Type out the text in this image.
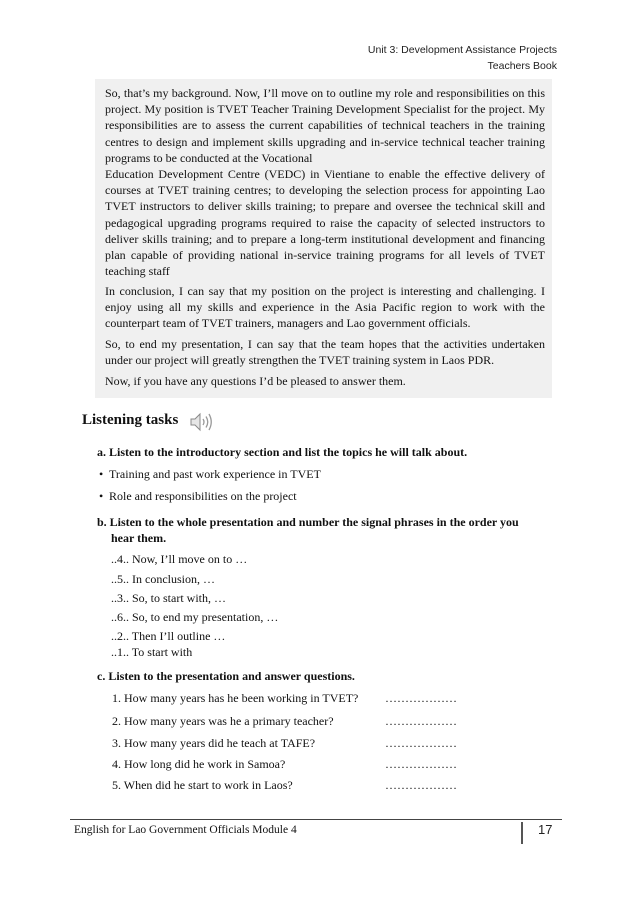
Unit 3: Development Assistance Projects
Teachers Book
So, that’s my background. Now, I’ll move on to outline my role and responsibilities on this project. My position is TVET Teacher Training Development Specialist for the project. My responsibilities are to assess the current capabilities of technical teachers in the training centres to design and implement skills upgrading and in-service technical teacher training programs to be conducted at the Vocational
Education Development Centre (VEDC) in Vientiane to enable the effective delivery of courses at TVET training centres; to developing the selection process for appointing Lao TVET instructors to deliver skills training; to prepare and oversee the technical skill and pedagogical upgrading programs required to raise the capacity of selected instructors to deliver skills training; and to prepare a long-term institutional development and financing plan capable of providing national in-service training programs for all levels of TVET teaching staff
In conclusion, I can say that my position on the project is interesting and challenging. I enjoy using all my skills and experience in the Asia Pacific region to work with the counterpart team of TVET trainers, managers and Lao government officials.
So, to end my presentation, I can say that the team hopes that the activities undertaken under our project will greatly strengthen the TVET training system in Laos PDR.
Now, if you have any questions I’d be pleased to answer them.
Listening tasks
a. Listen to the introductory section and list the topics he will talk about.
• Training and past work experience in TVET
• Role and responsibilities on the project
b. Listen to the whole presentation and number the signal phrases in the order you
hear them.
..4.. Now, I’ll move on to …
..5.. In conclusion, …
..3.. So, to start with, …
..6.. So, to end my presentation, …
..2.. Then I’ll outline …
..1.. To start with
c. Listen to the presentation and answer questions.
1. How many years has he been working in TVET? ………………
2. How many years was he a primary teacher?	………………
3. How many years did he teach at TAFE?	………………
4. How long did he work in Samoa?	………………
5. When did he start to work in Laos?	………………
English for Lao Government Officials Module 4	17
